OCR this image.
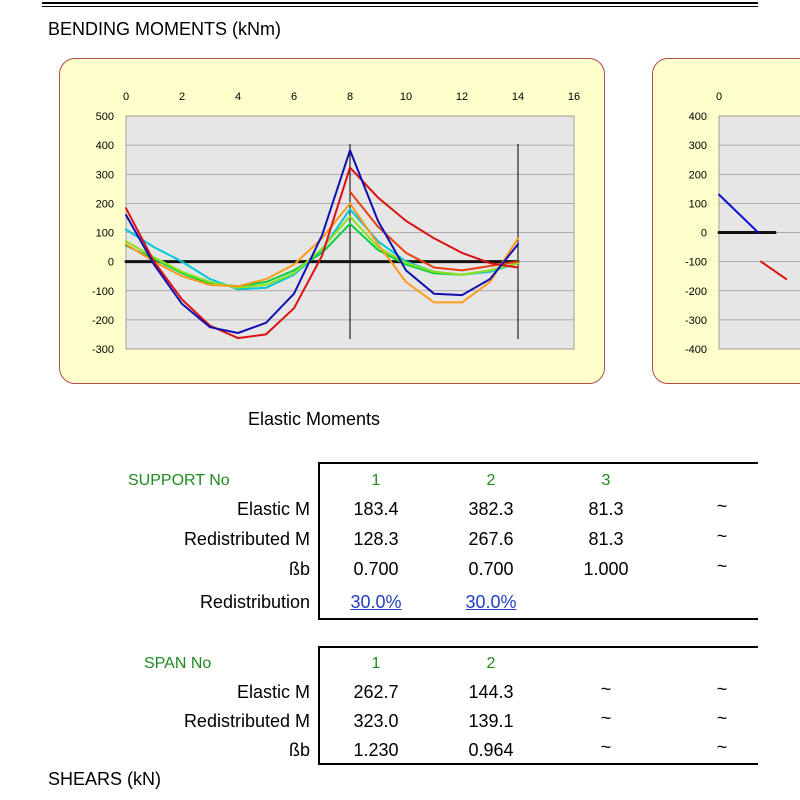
BENDING MOMENTS (kNm)
500
400
300
200
100
0
-100
-200
-300
0	2	4	6	8	10	12	14	16
400
300
200
100
0
-100
-200
-300
-400
0
Elastic Moments
SUPPORT No	1	2	3
Elastic M	183.4	382.3	81.3	~
Redistributed M	128.3	267.6	81.3	~
ßb	0.700	0.700	1.000	~
Redistribution	30.0%	30.0%
SPAN No	1	2
Elastic M	262.7	144.3	~	~
Redistributed M	323.0	139.1	~	~
ßb	1.230	0.964	~	~
SHEARS (kN)
